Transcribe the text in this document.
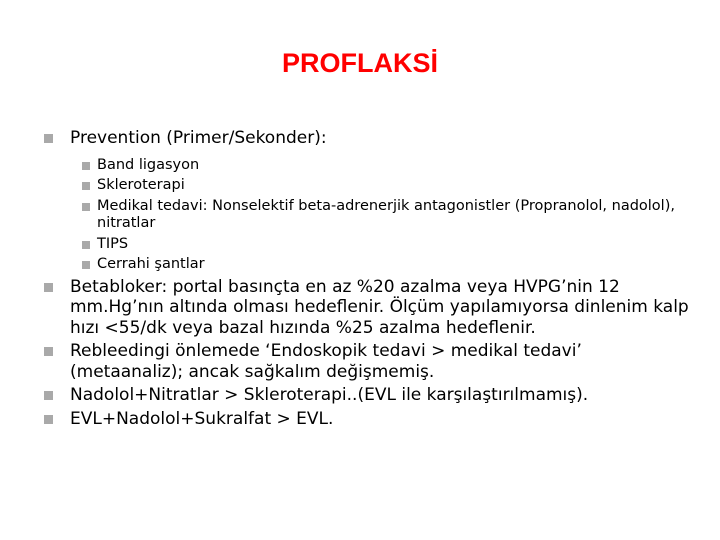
PROFLAKSİ
Prevention (Primer/Sekonder):
Band ligasyon
Skleroterapi
Medikal tedavi: Nonselektif beta-adrenerjik antagonistler (Propranolol, nadolol), nitratlar
TIPS
Cerrahi şantlar
Betabloker: portal basınçta en az %20 azalma veya HVPG’nin 12 mm.Hg’nın altında olması hedeflenir. Ölçüm yapılamıyorsa dinlenim kalp hızı <55/dk veya bazal hızında %25 azalma hedeflenir.
Rebleedingi önlemede ‘Endoskopik tedavi > medikal tedavi’ (metaanaliz); ancak sağkalım değişmemiş.
Nadolol+Nitratlar > Skleroterapi..(EVL ile karşılaştırılmamış).
EVL+Nadolol+Sukralfat > EVL.
